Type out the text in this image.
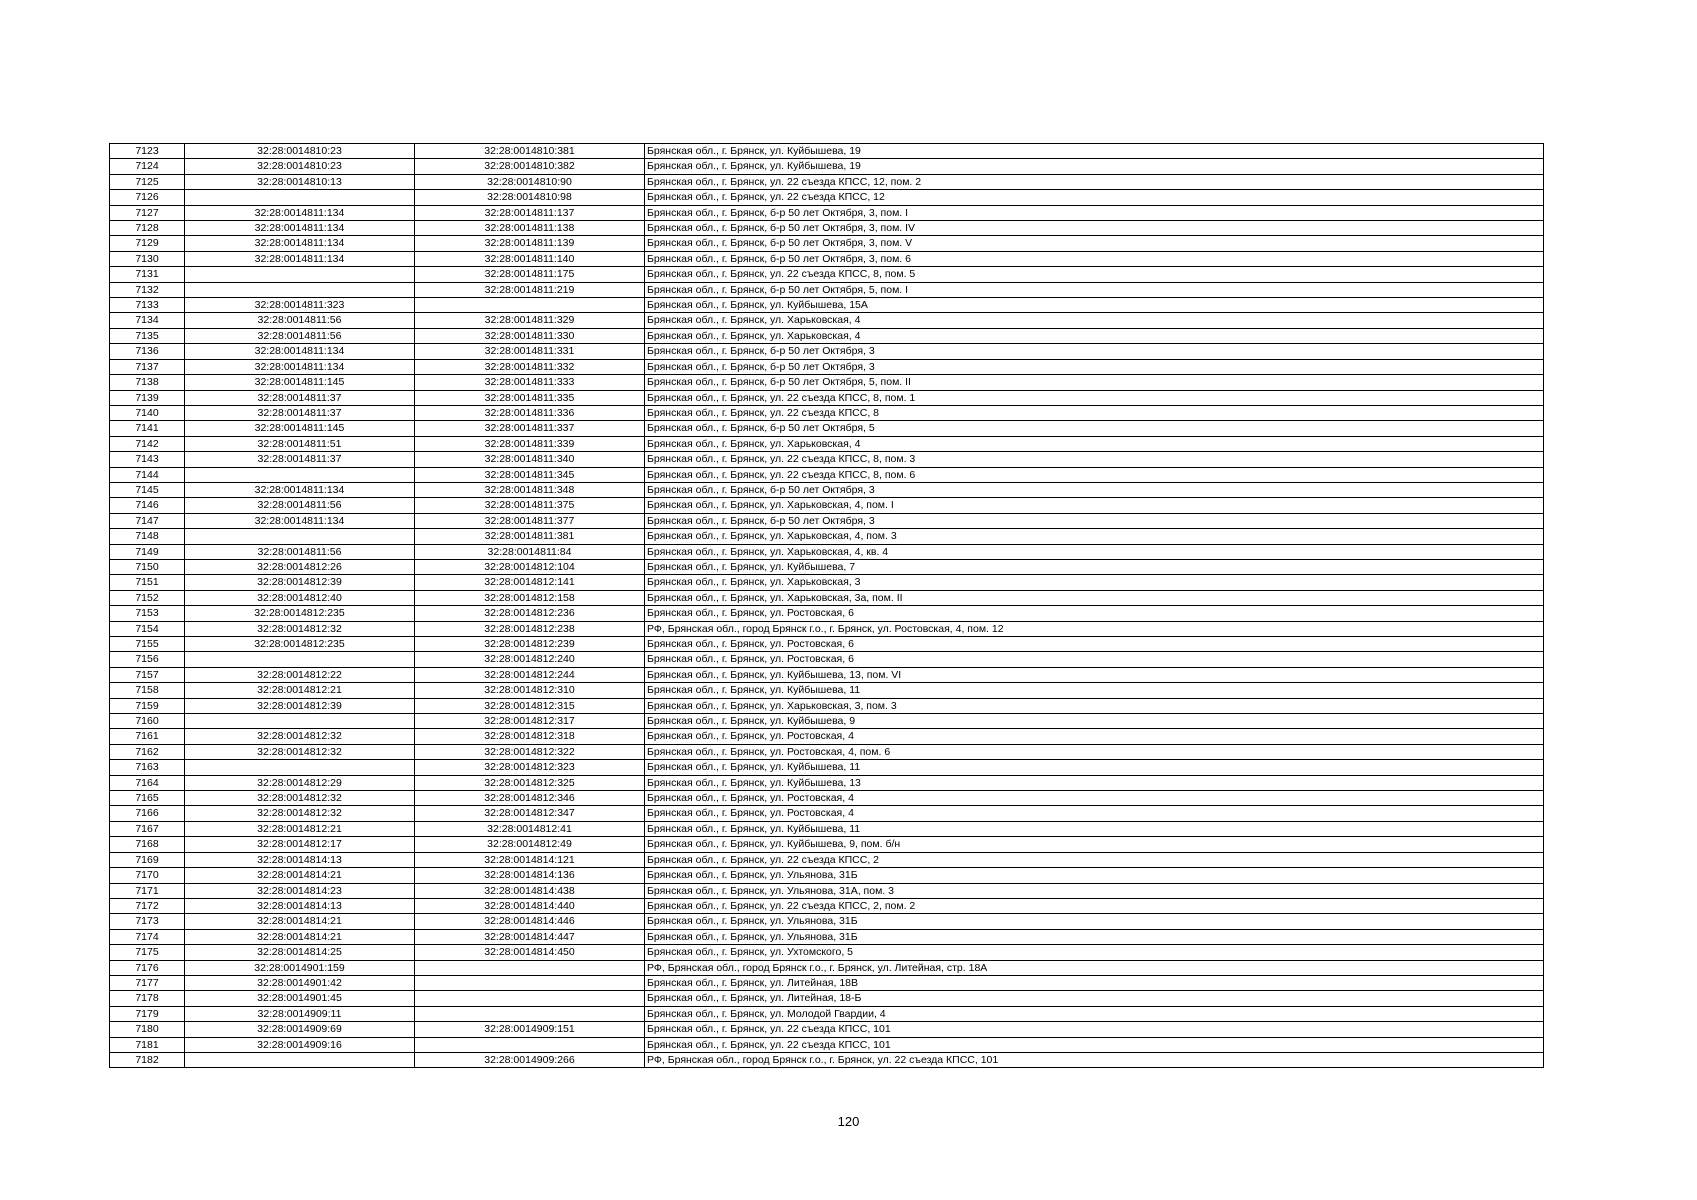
7123	32:28:0014810:23	32:28:0014810:381	Брянская обл., г. Брянск, ул. Куйбышева, 19
7124	32:28:0014810:23	32:28:0014810:382	Брянская обл., г. Брянск, ул. Куйбышева, 19
7125	32:28:0014810:13	32:28:0014810:90	Брянская обл., г. Брянск, ул. 22 съезда КПСС, 12, пом. 2
7126		32:28:0014810:98	Брянская обл., г. Брянск, ул. 22 съезда КПСС, 12
7127	32:28:0014811:134	32:28:0014811:137	Брянская обл., г. Брянск, б-р 50 лет Октября, 3, пом. I
7128	32:28:0014811:134	32:28:0014811:138	Брянская обл., г. Брянск, б-р 50 лет Октября, 3, пом. IV
7129	32:28:0014811:134	32:28:0014811:139	Брянская обл., г. Брянск, б-р 50 лет Октября, 3, пом. V
7130	32:28:0014811:134	32:28:0014811:140	Брянская обл., г. Брянск, б-р 50 лет Октября, 3, пом. 6
7131		32:28:0014811:175	Брянская обл., г. Брянск, ул. 22 съезда КПСС, 8, пом. 5
7132		32:28:0014811:219	Брянская обл., г. Брянск, б-р 50 лет Октября, 5, пом. I
7133	32:28:0014811:323		Брянская обл., г. Брянск, ул. Куйбышева, 15А
7134	32:28:0014811:56	32:28:0014811:329	Брянская обл., г. Брянск, ул. Харьковская, 4
7135	32:28:0014811:56	32:28:0014811:330	Брянская обл., г. Брянск, ул. Харьковская, 4
7136	32:28:0014811:134	32:28:0014811:331	Брянская обл., г. Брянск, б-р 50 лет Октября, 3
7137	32:28:0014811:134	32:28:0014811:332	Брянская обл., г. Брянск, б-р 50 лет Октября, 3
7138	32:28:0014811:145	32:28:0014811:333	Брянская обл., г. Брянск, б-р 50 лет Октября, 5, пом. II
7139	32:28:0014811:37	32:28:0014811:335	Брянская обл., г. Брянск, ул. 22 съезда КПСС, 8, пом. 1
7140	32:28:0014811:37	32:28:0014811:336	Брянская обл., г. Брянск, ул. 22 съезда КПСС, 8
7141	32:28:0014811:145	32:28:0014811:337	Брянская обл., г. Брянск, б-р 50 лет Октября, 5
7142	32:28:0014811:51	32:28:0014811:339	Брянская обл., г. Брянск, ул. Харьковская, 4
7143	32:28:0014811:37	32:28:0014811:340	Брянская обл., г. Брянск, ул. 22 съезда КПСС, 8, пом. 3
7144		32:28:0014811:345	Брянская обл., г. Брянск, ул. 22 съезда КПСС, 8, пом. 6
7145	32:28:0014811:134	32:28:0014811:348	Брянская обл., г. Брянск, б-р 50 лет Октября, 3
7146	32:28:0014811:56	32:28:0014811:375	Брянская обл., г. Брянск, ул. Харьковская, 4, пом. I
7147	32:28:0014811:134	32:28:0014811:377	Брянская обл., г. Брянск, б-р 50 лет Октября, 3
7148		32:28:0014811:381	Брянская обл., г. Брянск, ул. Харьковская, 4, пом. 3
7149	32:28:0014811:56	32:28:0014811:84	Брянская обл., г. Брянск, ул. Харьковская, 4, кв. 4
7150	32:28:0014812:26	32:28:0014812:104	Брянская обл., г. Брянск, ул. Куйбышева, 7
7151	32:28:0014812:39	32:28:0014812:141	Брянская обл., г. Брянск, ул. Харьковская, 3
7152	32:28:0014812:40	32:28:0014812:158	Брянская обл., г. Брянск, ул. Харьковская, 3а, пом. II
7153	32:28:0014812:235	32:28:0014812:236	Брянская обл., г. Брянск, ул. Ростовская, 6
7154	32:28:0014812:32	32:28:0014812:238	РФ, Брянская обл., город Брянск г.о., г. Брянск, ул. Ростовская, 4, пом. 12
7155	32:28:0014812:235	32:28:0014812:239	Брянская обл., г. Брянск, ул. Ростовская, 6
7156		32:28:0014812:240	Брянская обл., г. Брянск, ул. Ростовская, 6
7157	32:28:0014812:22	32:28:0014812:244	Брянская обл., г. Брянск, ул. Куйбышева, 13, пом. VI
7158	32:28:0014812:21	32:28:0014812:310	Брянская обл., г. Брянск, ул. Куйбышева, 11
7159	32:28:0014812:39	32:28:0014812:315	Брянская обл., г. Брянск, ул. Харьковская, 3, пом. 3
7160		32:28:0014812:317	Брянская обл., г. Брянск, ул. Куйбышева, 9
7161	32:28:0014812:32	32:28:0014812:318	Брянская обл., г. Брянск, ул. Ростовская, 4
7162	32:28:0014812:32	32:28:0014812:322	Брянская обл., г. Брянск, ул. Ростовская, 4, пом. 6
7163		32:28:0014812:323	Брянская обл., г. Брянск, ул. Куйбышева, 11
7164	32:28:0014812:29	32:28:0014812:325	Брянская обл., г. Брянск, ул. Куйбышева, 13
7165	32:28:0014812:32	32:28:0014812:346	Брянская обл., г. Брянск, ул. Ростовская, 4
7166	32:28:0014812:32	32:28:0014812:347	Брянская обл., г. Брянск, ул. Ростовская, 4
7167	32:28:0014812:21	32:28:0014812:41	Брянская обл., г. Брянск, ул. Куйбышева, 11
7168	32:28:0014812:17	32:28:0014812:49	Брянская обл., г. Брянск, ул. Куйбышева, 9, пом. б/н
7169	32:28:0014814:13	32:28:0014814:121	Брянская обл., г. Брянск, ул. 22 съезда КПСС, 2
7170	32:28:0014814:21	32:28:0014814:136	Брянская обл., г. Брянск, ул. Ульянова, 31Б
7171	32:28:0014814:23	32:28:0014814:438	Брянская обл., г. Брянск, ул. Ульянова, 31А, пом. 3
7172	32:28:0014814:13	32:28:0014814:440	Брянская обл., г. Брянск, ул. 22 съезда КПСС, 2, пом. 2
7173	32:28:0014814:21	32:28:0014814:446	Брянская обл., г. Брянск, ул. Ульянова, 31Б
7174	32:28:0014814:21	32:28:0014814:447	Брянская обл., г. Брянск, ул. Ульянова, 31Б
7175	32:28:0014814:25	32:28:0014814:450	Брянская обл., г. Брянск, ул. Ухтомского, 5
7176	32:28:0014901:159		РФ, Брянская обл., город Брянск г.о., г. Брянск, ул. Литейная, стр. 18А
7177	32:28:0014901:42		Брянская обл., г. Брянск, ул. Литейная, 18В
7178	32:28:0014901:45		Брянская обл., г. Брянск, ул. Литейная, 18-Б
7179	32:28:0014909:11		Брянская обл., г. Брянск, ул. Молодой Гвардии, 4
7180	32:28:0014909:69	32:28:0014909:151	Брянская обл., г. Брянск, ул. 22 съезда КПСС, 101
7181	32:28:0014909:16		Брянская обл., г. Брянск, ул. 22 съезда КПСС, 101
7182		32:28:0014909:266	РФ, Брянская обл., город Брянск г.о., г. Брянск, ул. 22 съезда КПСС, 101
120
